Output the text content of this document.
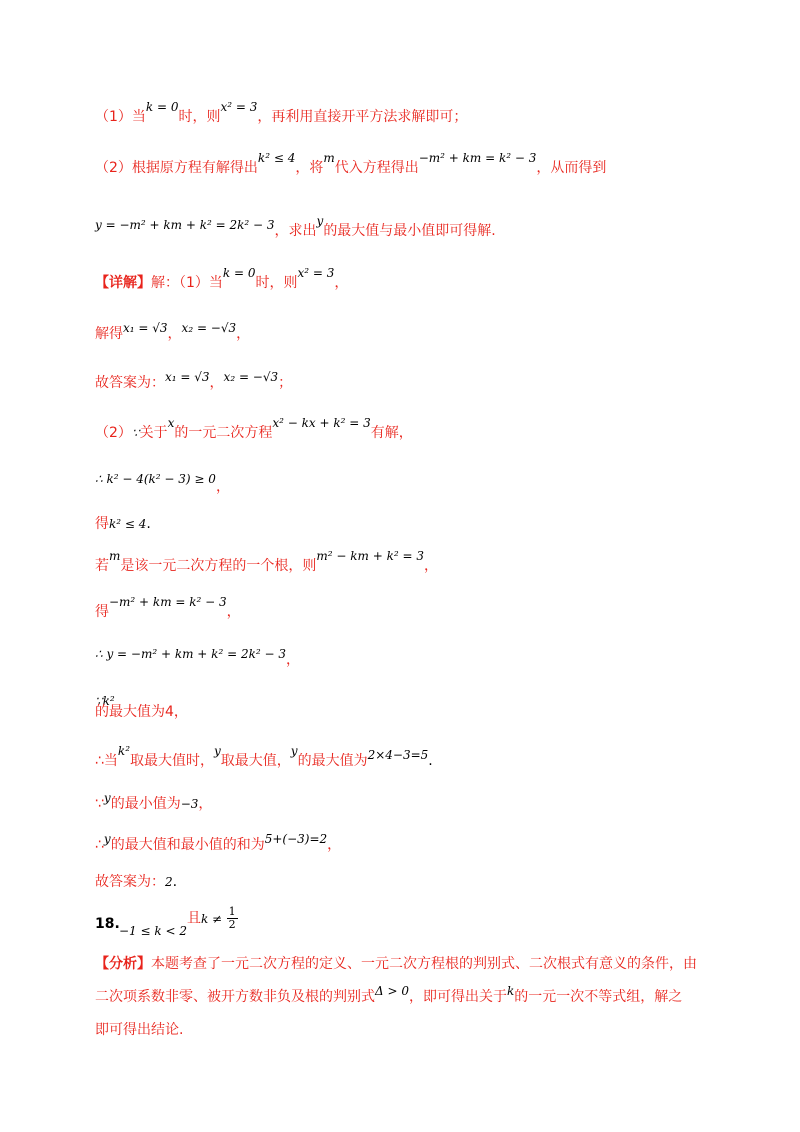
（1）当k = 0时，则x² = 3，再利用直接开平方法求解即可；
（2）根据原方程有解得出k² ≤ 4，将m代入方程得出−m² + km = k² − 3，从而得到
y = −m² + km + k² = 2k² − 3，求出y的最大值与最小值即可得解.
【详解】解：（1）当k = 0时，则x² = 3，
解得x₁ = √3，x₂ = −√3，
故答案为：x₁ = √3，x₂ = −√3；
（2）∵关于x的一元二次方程x² − kx + k² = 3有解，
∴ k² − 4(k² − 3) ≥ 0，
得k² ≤ 4.
若m是该一元二次方程的一个根，则m² − km + k² = 3，
得−m² + km = k² − 3，
∴ y = −m² + km + k² = 2k² − 3，
∵k²
的最大值为4，
∴当k²取最大值时，y取最大值，y的最大值为2×4−3=5.
∵y的最小值为−3，
∴y的最大值和最小值的和为5+(−3)=2，
故答案为：2.
18. −1 ≤ k < 2且$k \ne \frac{1}{2}$
【分析】本题考查了一元二次方程的定义、一元二次方程根的判别式、二次根式有意义的条件，由
二次项系数非零、被开方数非负及根的判别式Δ > 0，即可得出关于k的一元一次不等式组，解之
即可得出结论.
